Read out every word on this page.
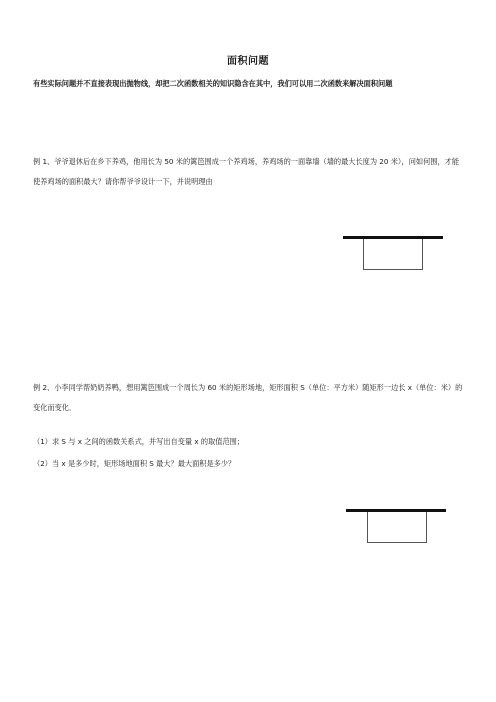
面积问题

有些实际问题并不直接表现出抛物线，却把二次函数相关的知识隐含在其中，我们可以用二次函数来解决面积问题

例 1、爷爷退休后在乡下养鸡，他用长为 50 米的篱笆围成一个养鸡场，养鸡场的一面靠墙（墙的最大长度为 20 米），问如何围，才能使养鸡场的面积最大？请你帮爷爷设计一下，并说明理由

例 2、小李同学帮奶奶养鸭，想用篱笆围成一个周长为 60 米的矩形场地，矩形面积 S（单位：平方米）随矩形一边长 x（单位：米）的变化而变化．

（1）求 S 与 x 之间的函数关系式，并写出自变量 x 的取值范围；

（2）当 x 是多少时，矩形场地面积 S 最大？最大面积是多少？
